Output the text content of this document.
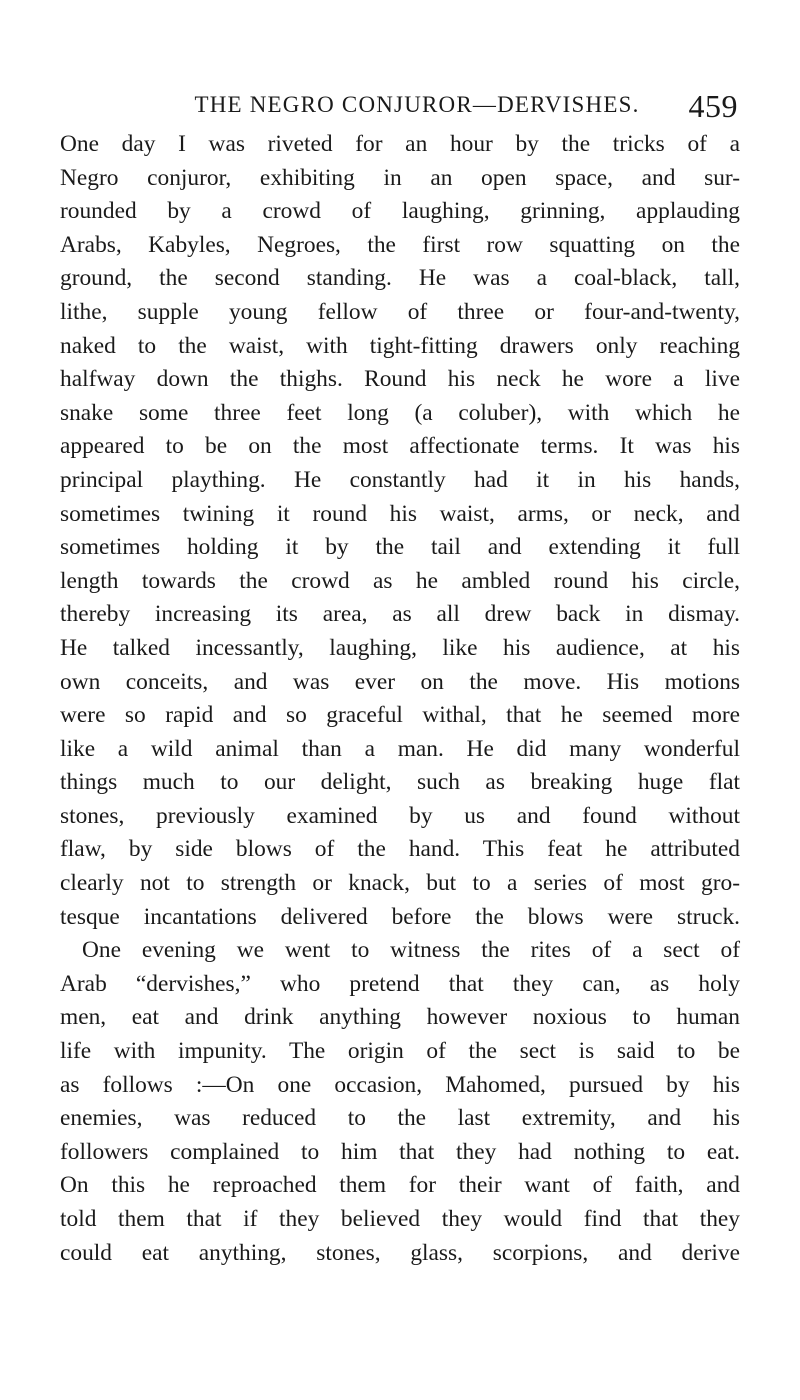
THE NEGRO CONJUROR—DERVISHES.	459
One day I was riveted for an hour by the tricks of a
Negro conjuror, exhibiting in an open space, and sur-
rounded by a crowd of laughing, grinning, applauding
Arabs, Kabyles, Negroes, the first row squatting on the
ground, the second standing. He was a coal-black, tall,
lithe, supple young fellow of three or four-and-twenty,
naked to the waist, with tight-fitting drawers only reaching
halfway down the thighs. Round his neck he wore a live
snake some three feet long (a coluber), with which he
appeared to be on the most affectionate terms. It was his
principal plaything. He constantly had it in his hands,
sometimes twining it round his waist, arms, or neck, and
sometimes holding it by the tail and extending it full
length towards the crowd as he ambled round his circle,
thereby increasing its area, as all drew back in dismay.
He talked incessantly, laughing, like his audience, at his
own conceits, and was ever on the move. His motions
were so rapid and so graceful withal, that he seemed more
like a wild animal than a man. He did many wonderful
things much to our delight, such as breaking huge flat
stones, previously examined by us and found without
flaw, by side blows of the hand. This feat he attributed
clearly not to strength or knack, but to a series of most gro-
tesque incantations delivered before the blows were struck.
One evening we went to witness the rites of a sect of
Arab “dervishes,” who pretend that they can, as holy
men, eat and drink anything however noxious to human
life with impunity. The origin of the sect is said to be
as follows :—On one occasion, Mahomed, pursued by his
enemies, was reduced to the last extremity, and his
followers complained to him that they had nothing to eat.
On this he reproached them for their want of faith, and
told them that if they believed they would find that they
could eat anything, stones, glass, scorpions, and derive
